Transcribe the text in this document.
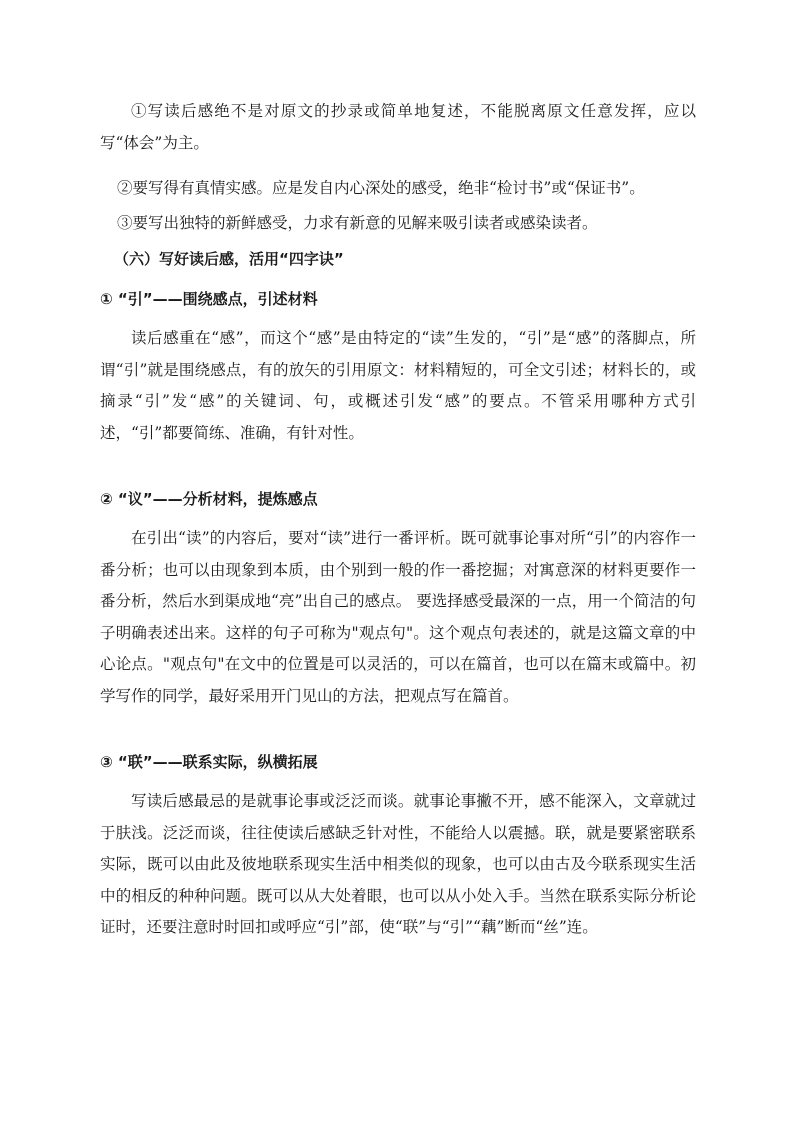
①写读后感绝不是对原文的抄录或简单地复述，不能脱离原文任意发挥，应以写“体会”为主。

②要写得有真情实感。应是发自内心深处的感受，绝非“检讨书”或“保证书”。

③要写出独特的新鲜感受，力求有新意的见解来吸引读者或感染读者。

（六）写好读后感，活用“四字诀”
① “引”——围绕感点，引述材料

读后感重在“感”，而这个“感”是由特定的“读”生发的，“引”是“感”的落脚点，所谓“引”就是围绕感点，有的放矢的引用原文：材料精短的，可全文引述；材料长的，或摘录“引”发“感”的关键词、句，或概述引发“感”的要点。不管采用哪种方式引述，“引”都要简练、准确，有针对性。

② “议”——分析材料，提炼感点

在引出“读”的内容后，要对“读”进行一番评析。既可就事论事对所“引”的内容作一番分析；也可以由现象到本质，由个别到一般的作一番挖掘；对寓意深的材料更要作一番分析，然后水到渠成地“亮”出自己的感点。 要选择感受最深的一点，用一个简洁的句子明确表述出来。这样的句子可称为"观点句"。这个观点句表述的，就是这篇文章的中心论点。"观点句"在文中的位置是可以灵活的，可以在篇首，也可以在篇末或篇中。初学写作的同学，最好采用开门见山的方法，把观点写在篇首。

③ “联”——联系实际，纵横拓展

写读后感最忌的是就事论事或泛泛而谈。就事论事撇不开，感不能深入，文章就过于肤浅。泛泛而谈，往往使读后感缺乏针对性，不能给人以震撼。联，就是要紧密联系实际，既可以由此及彼地联系现实生活中相类似的现象，也可以由古及今联系现实生活中的相反的种种问题。既可以从大处着眼，也可以从小处入手。当然在联系实际分析论证时，还要注意时时回扣或呼应“引”部，使“联”与“引”“藕”断而“丝”连。
